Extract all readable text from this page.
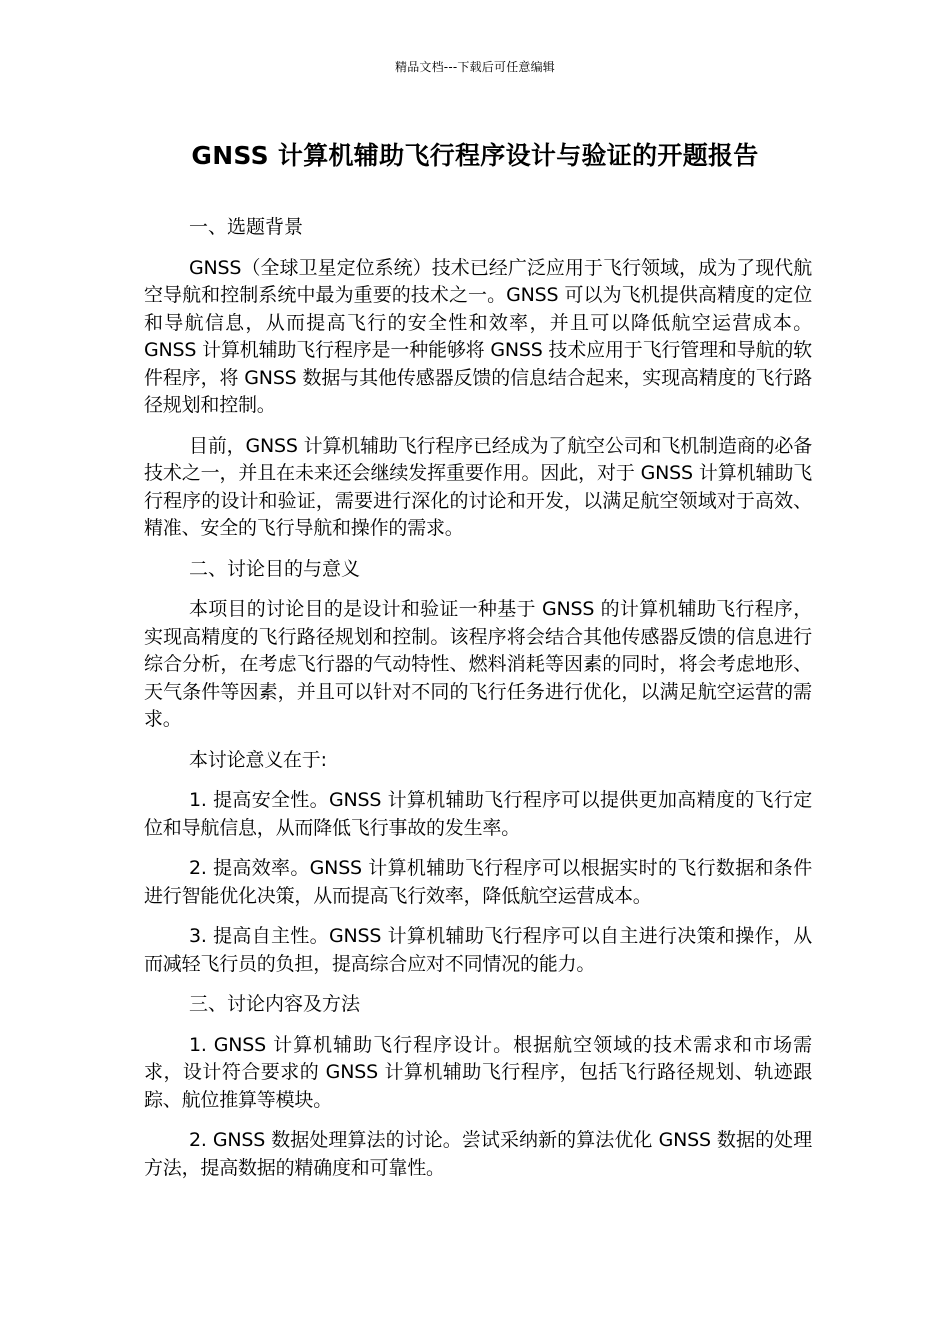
精品文档---下载后可任意编辑
GNSS 计算机辅助飞行程序设计与验证的开题报告

一、选题背景

GNSS（全球卫星定位系统）技术已经广泛应用于飞行领域，成为了现代航空导航和控制系统中最为重要的技术之一。GNSS 可以为飞机提供高精度的定位和导航信息，从而提高飞行的安全性和效率，并且可以降低航空运营成本。GNSS 计算机辅助飞行程序是一种能够将 GNSS 技术应用于飞行管理和导航的软件程序，将 GNSS 数据与其他传感器反馈的信息结合起来，实现高精度的飞行路径规划和控制。

目前，GNSS 计算机辅助飞行程序已经成为了航空公司和飞机制造商的必备技术之一，并且在未来还会继续发挥重要作用。因此，对于 GNSS 计算机辅助飞行程序的设计和验证，需要进行深化的讨论和开发，以满足航空领域对于高效、精准、安全的飞行导航和操作的需求。

二、讨论目的与意义

本项目的讨论目的是设计和验证一种基于 GNSS 的计算机辅助飞行程序，实现高精度的飞行路径规划和控制。该程序将会结合其他传感器反馈的信息进行综合分析，在考虑飞行器的气动特性、燃料消耗等因素的同时，将会考虑地形、天气条件等因素，并且可以针对不同的飞行任务进行优化，以满足航空运营的需求。

本讨论意义在于:

1. 提高安全性。GNSS 计算机辅助飞行程序可以提供更加高精度的飞行定位和导航信息，从而降低飞行事故的发生率。

2. 提高效率。GNSS 计算机辅助飞行程序可以根据实时的飞行数据和条件进行智能优化决策，从而提高飞行效率，降低航空运营成本。

3. 提高自主性。GNSS 计算机辅助飞行程序可以自主进行决策和操作，从而减轻飞行员的负担，提高综合应对不同情况的能力。

三、讨论内容及方法

1. GNSS 计算机辅助飞行程序设计。根据航空领域的技术需求和市场需求，设计符合要求的 GNSS 计算机辅助飞行程序，包括飞行路径规划、轨迹跟踪、航位推算等模块。

2. GNSS 数据处理算法的讨论。尝试采纳新的算法优化 GNSS 数据的处理方法，提高数据的精确度和可靠性。
